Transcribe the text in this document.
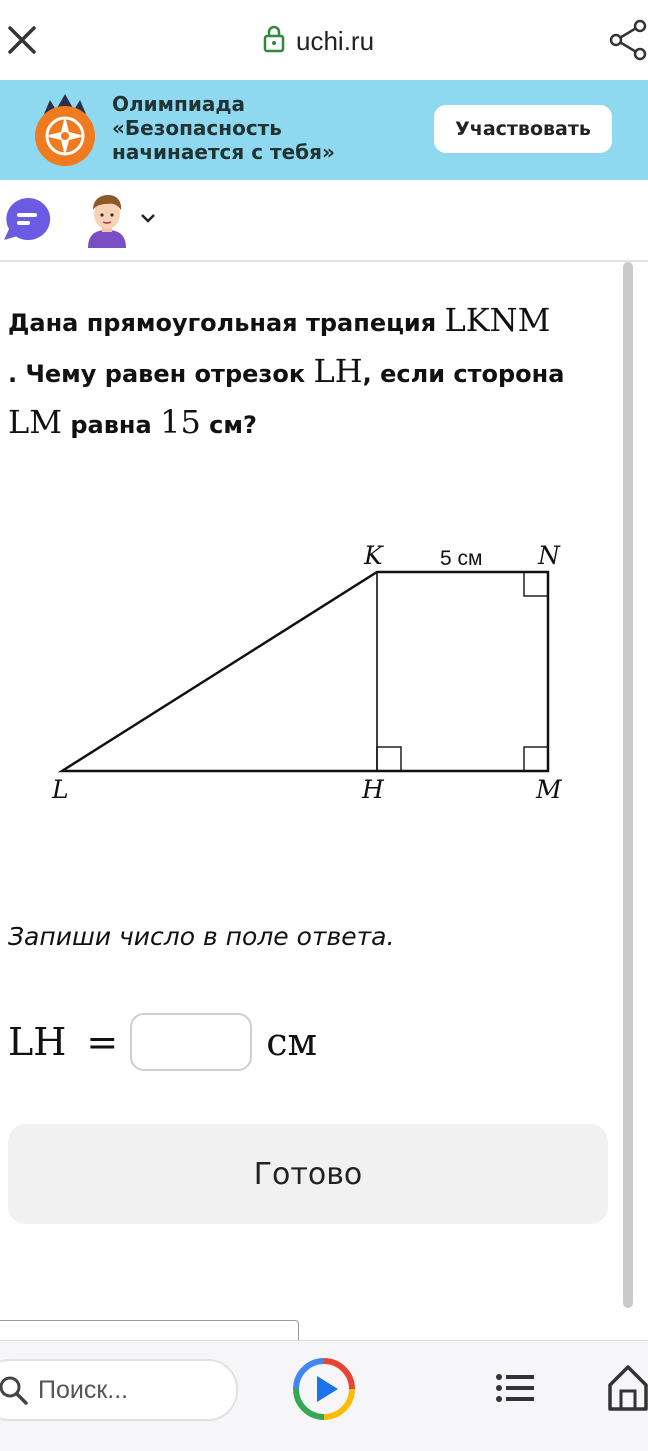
uchi.ru
Олимпиада
«Безопасность
начинается с тебя»
Участвовать
Дана прямоугольная трапеция LKNM
. Чему равен отрезок LH, если сторона
LM равна 15 см?
K	N
L	H	M
5 см
Запиши число в поле ответа.
LH =	см
Готово
Поиск...
